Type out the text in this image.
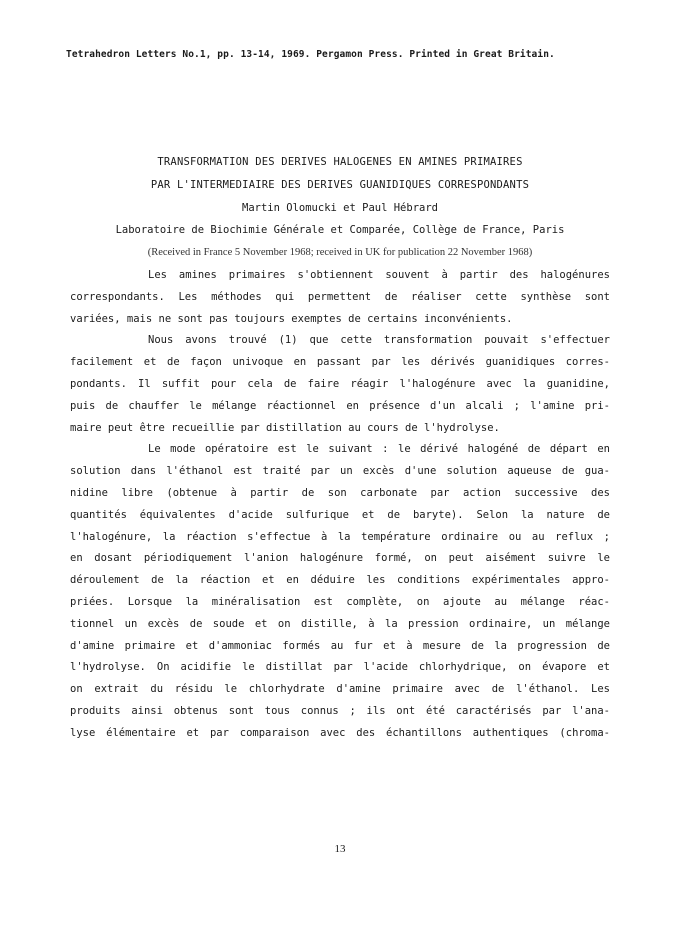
Tetrahedron Letters No.1, pp. 13-14, 1969. Pergamon Press. Printed in Great Britain.
TRANSFORMATION DES DERIVES HALOGENES EN AMINES PRIMAIRES
PAR L'INTERMEDIAIRE DES DERIVES GUANIDIQUES CORRESPONDANTS
Martin Olomucki et Paul Hébrard
Laboratoire de Biochimie Générale et Comparée, Collège de France, Paris
(Received in France 5 November 1968; received in UK for publication 22 November 1968)
Les amines primaires s'obtiennent souvent à partir des halogénures
correspondants. Les méthodes qui permettent de réaliser cette synthèse sont
variées, mais ne sont pas toujours exemptes de certains inconvénients.
Nous avons trouvé (1) que cette transformation pouvait s'effectuer
facilement et de façon univoque en passant par les dérivés guanidiques corres-
pondants. Il suffit pour cela de faire réagir l'halogénure avec la guanidine,
puis de chauffer le mélange réactionnel en présence d'un alcali ; l'amine pri-
maire peut être recueillie par distillation au cours de l'hydrolyse.
Le mode opératoire est le suivant : le dérivé halogéné de départ en
solution dans l'éthanol est traité par un excès d'une solution aqueuse de gua-
nidine libre (obtenue à partir de son carbonate par action successive des
quantités équivalentes d'acide sulfurique et de baryte). Selon la nature de
l'halogénure, la réaction s'effectue à la température ordinaire ou au reflux ;
en dosant périodiquement l'anion halogénure formé, on peut aisément suivre le
déroulement de la réaction et en déduire les conditions expérimentales appro-
priées. Lorsque la minéralisation est complète, on ajoute au mélange réac-
tionnel un excès de soude et on distille, à la pression ordinaire, un mélange
d'amine primaire et d'ammoniac formés au fur et à mesure de la progression de
l'hydrolyse. On acidifie le distillat par l'acide chlorhydrique, on évapore et
on extrait du résidu le chlorhydrate d'amine primaire avec de l'éthanol. Les
produits ainsi obtenus sont tous connus ; ils ont été caractérisés par l'ana-
lyse élémentaire et par comparaison avec des échantillons authentiques (chroma-
13
